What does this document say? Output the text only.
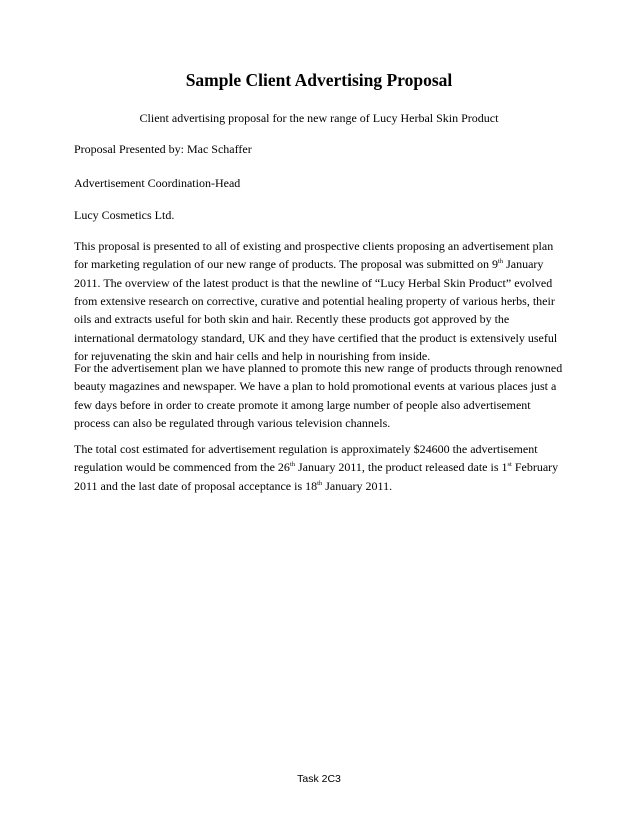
Sample Client Advertising Proposal
Client advertising proposal for the new range of Lucy Herbal Skin Product
Proposal Presented by: Mac Schaffer
Advertisement Coordination-Head
Lucy Cosmetics Ltd.

This proposal is presented to all of existing and prospective clients proposing an advertisement plan for marketing regulation of our new range of products. The proposal was submitted on 9th January 2011. The overview of the latest product is that the newline of “Lucy Herbal Skin Product” evolved from extensive research on corrective, curative and potential healing property of various herbs, their oils and extracts useful for both skin and hair. Recently these products got approved by the international dermatology standard, UK and they have certified that the product is extensively useful for rejuvenating the skin and hair cells and help in nourishing from inside.

For the advertisement plan we have planned to promote this new range of products through renowned beauty magazines and newspaper. We have a plan to hold promotional events at various places just a few days before in order to create promote it among large number of people also advertisement process can also be regulated through various television channels.

The total cost estimated for advertisement regulation is approximately $24600 the advertisement regulation would be commenced from the 26th January 2011, the product released date is 1st February 2011 and the last date of proposal acceptance is 18th January 2011.

Task 2C3
